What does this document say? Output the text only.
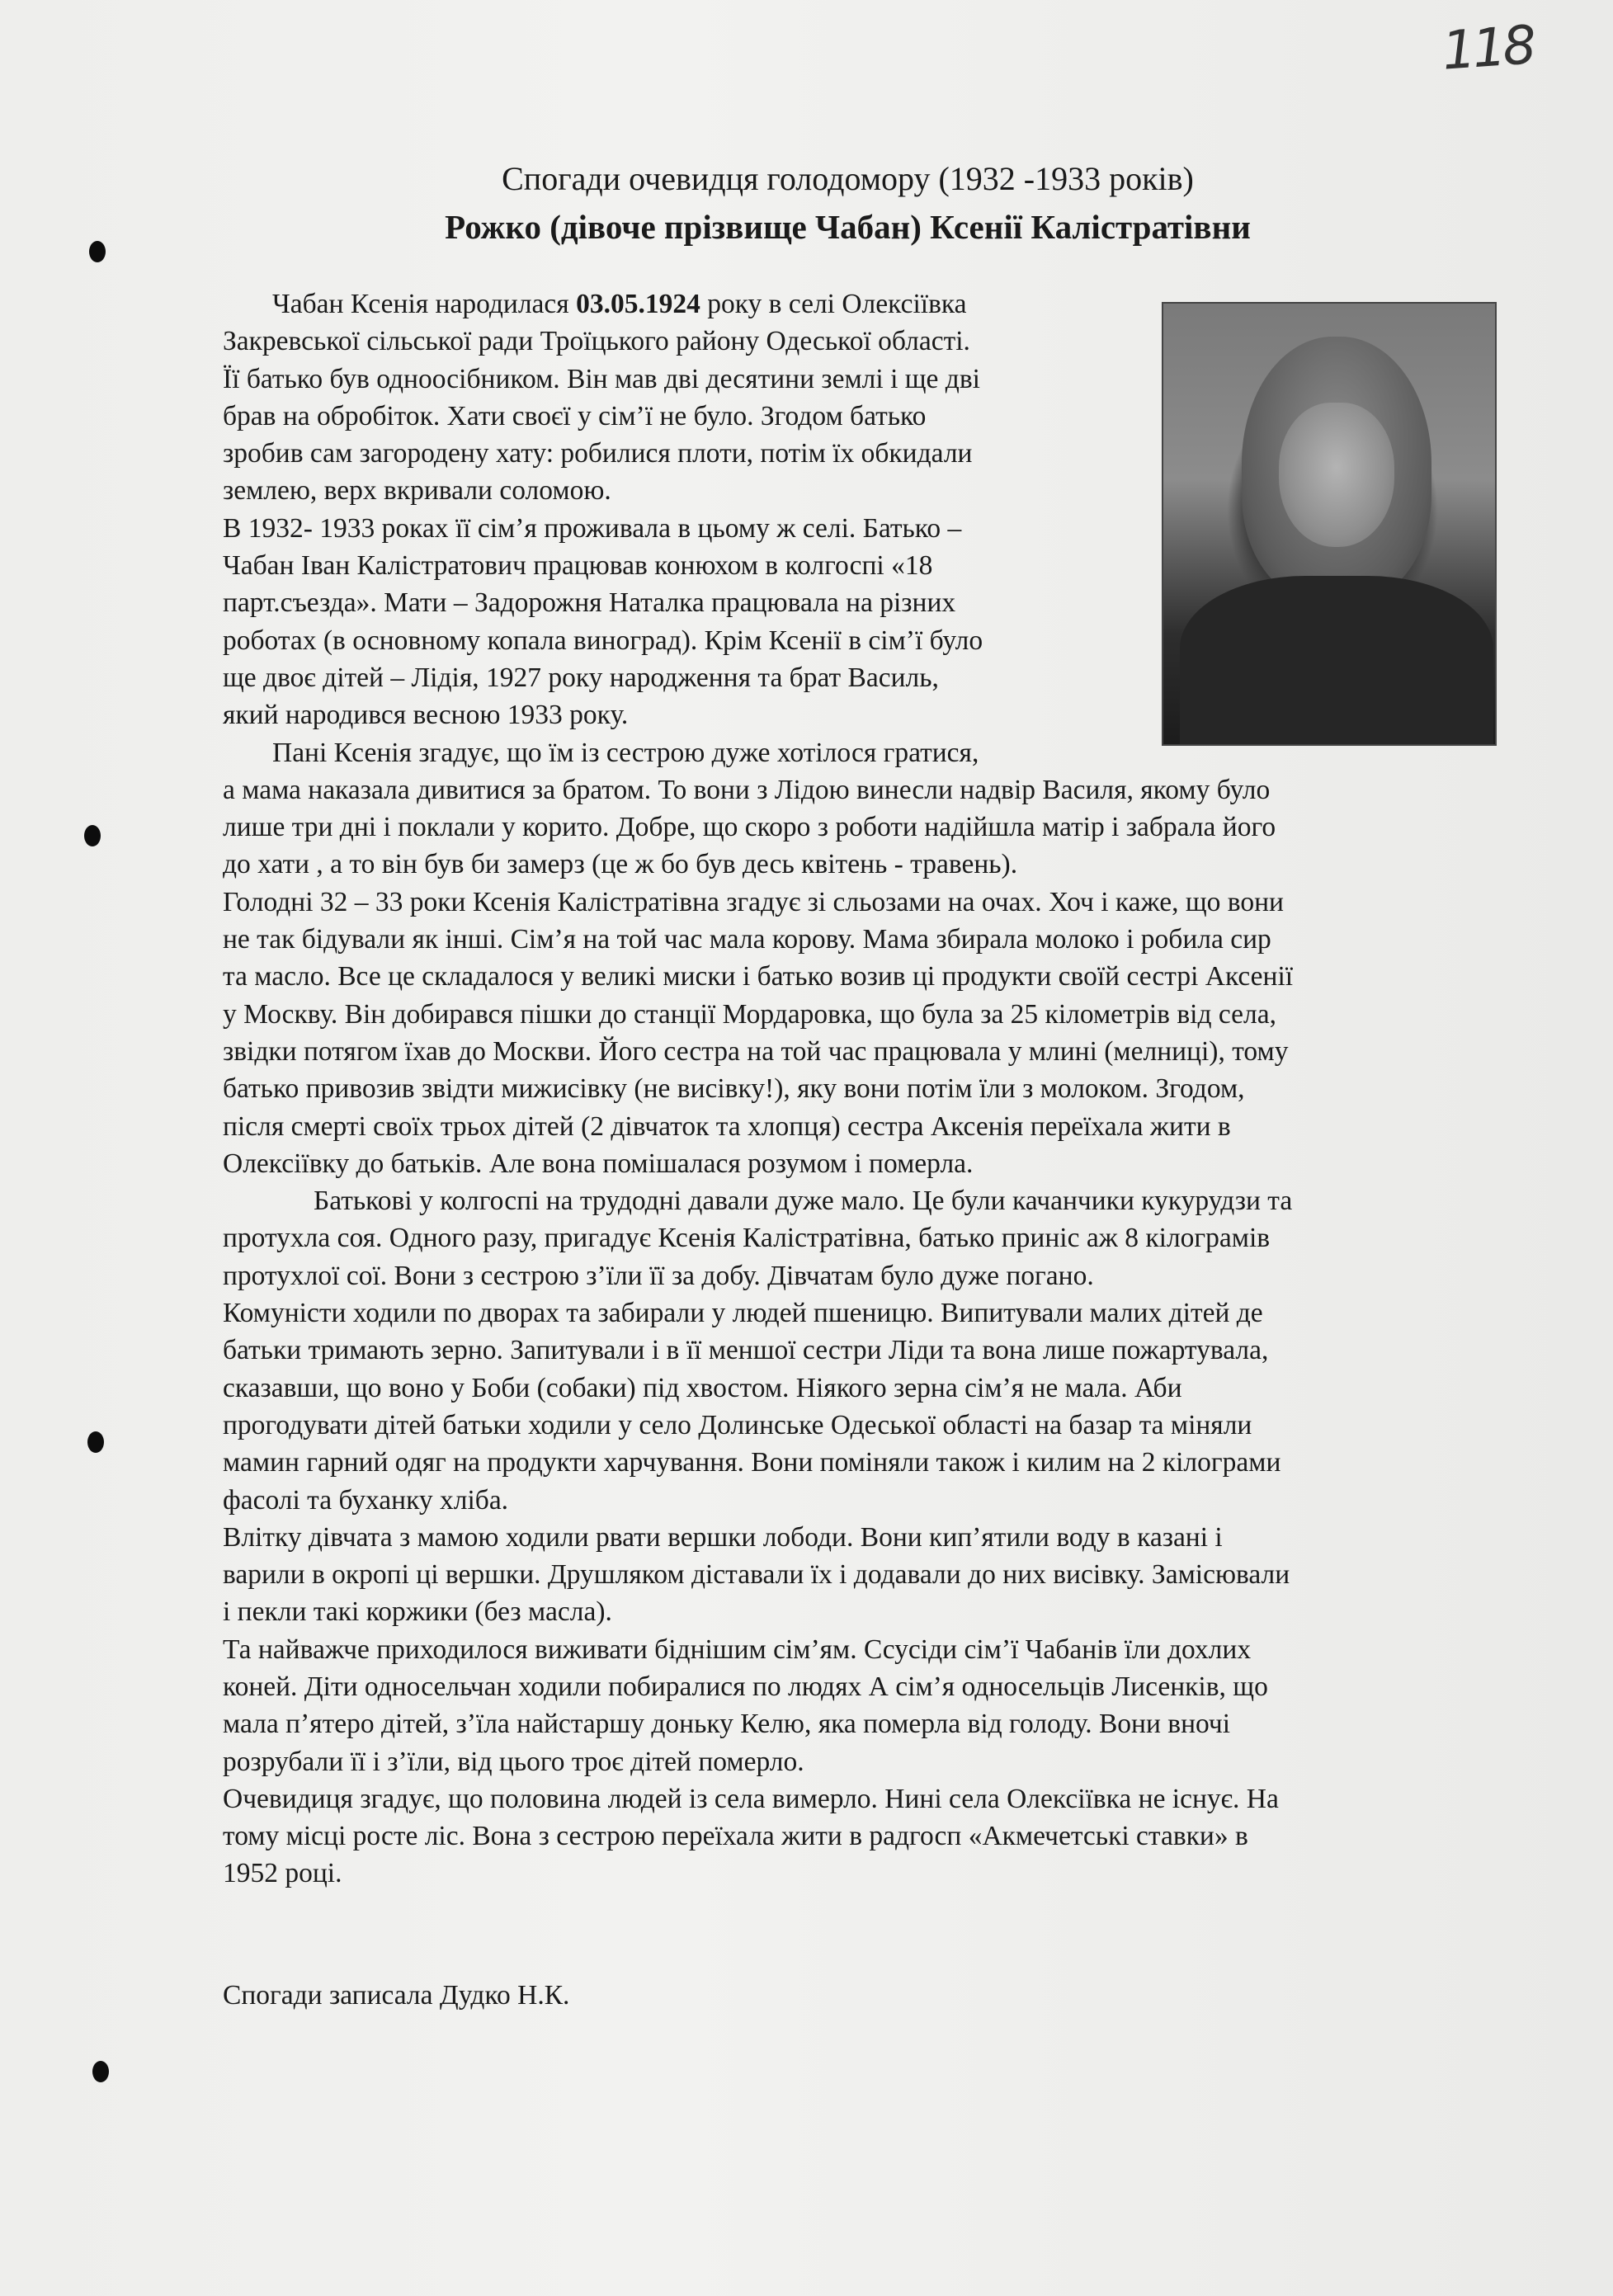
118
Спогади очевидця голодомору (1932 -1933 років)
Рожко (дівоче прізвище Чабан) Ксенії Калістратівни
Чабан Ксенія народилася 03.05.1924 року в селі Олексіївка
Закревської сільської ради Троїцького району Одеської області.
Її батько був одноосібником. Він мав дві десятини землі і ще дві
брав на обробіток. Хати своєї у сім’ї не було. Згодом батько
зробив сам загородену хату: робилися плоти, потім їх обкидали
землею, верх вкривали соломою.
В 1932- 1933 роках її сім’я проживала в цьому ж селі. Батько –
Чабан Іван Калістратович працював конюхом в колгоспі «18
парт.съезда». Мати – Задорожня Наталка працювала на різних
роботах (в основному копала виноград). Крім Ксенії в сім’ї було
ще двоє дітей – Лідія, 1927 року народження та брат Василь,
який народився весною 1933 року.
Пані Ксенія згадує, що їм із сестрою дуже хотілося гратися,
а мама наказала дивитися за братом. То вони з Лідою винесли надвір Василя, якому було
лише три дні і поклали у корито. Добре, що скоро з роботи надійшла матір і забрала його
до хати , а то він був би замерз (це ж бо був десь квітень - травень).
Голодні 32 – 33 роки Ксенія Калістратівна згадує зі сльозами на очах. Хоч і каже, що вони
не так бідували як інші. Сім’я на той час мала корову. Мама збирала молоко і робила сир
та масло. Все це складалося у великі миски і батько возив ці продукти своїй сестрі Аксенії
у Москву. Він добирався пішки до станції Мордаровка, що була за 25 кілометрів від села,
звідки потягом їхав до Москви. Його сестра на той час працювала у млині (мелниці), тому
батько привозив звідти мижисівку (не висівку!), яку вони потім їли з молоком. Згодом,
після смерті своїх трьох дітей (2 дівчаток та хлопця) сестра Аксенія переїхала жити в
Олексіївку до батьків. Але вона помішалася розумом і померла.
Батькові у колгоспі на трудодні давали дуже мало. Це були качанчики кукурудзи та
протухла соя. Одного разу, пригадує Ксенія Калістратівна, батько приніс аж 8 кілограмів
протухлої сої. Вони з сестрою з’їли її за добу. Дівчатам було дуже погано.
Комуністи ходили по дворах та забирали у людей пшеницю. Випитували малих дітей де
батьки тримають зерно. Запитували і в її меншої сестри Ліди та вона лише пожартувала,
сказавши, що воно у Боби (собаки) під хвостом. Ніякого зерна сім’я не мала. Аби
прогодувати дітей батьки ходили у село Долинське Одеської області на базар та міняли
мамин гарний одяг на продукти харчування. Вони поміняли також і килим на 2 кілограми
фасолі та буханку хліба.
Влітку дівчата з мамою ходили рвати вершки лободи. Вони кип’ятили воду в казані і
варили в окропі ці вершки. Друшляком діставали їх і додавали до них висівку. Замісювали
і пекли такі коржики (без масла).
Та найважче приходилося виживати біднішим сім’ям. Ссусіди сім’ї Чабанів їли дохлих
коней. Діти односельчан ходили побиралися по людях А сім’я односельців Лисенків, що
мала п’ятеро дітей, з’їла найстаршу доньку Келю, яка померла від голоду. Вони вночі
розрубали її і з’їли, від цього троє дітей померло.
Очевидиця згадує, що половина людей із села вимерло. Нині села Олексіївка не існує. На
тому місці росте ліс. Вона з сестрою переїхала жити в радгосп «Акмечетські ставки» в
1952 році.
Спогади записала Дудко Н.К.
